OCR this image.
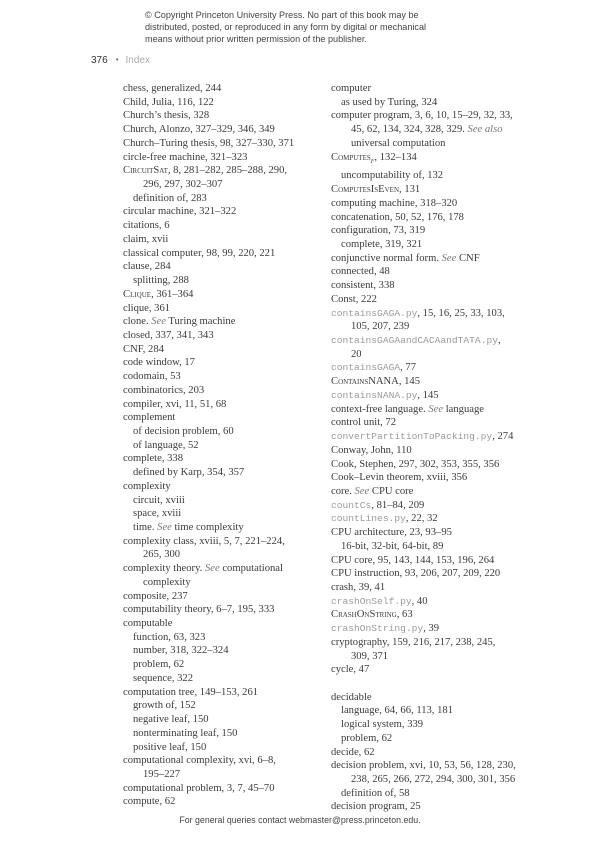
© Copyright Princeton University Press. No part of this book may be
distributed, posted, or reproduced in any form by digital or mechanical
means without prior written permission of the publisher.
376 • Index
chess, generalized, 244
Child, Julia, 116, 122
Church’s thesis, 328
Church, Alonzo, 327–329, 346, 349
Church–Turing thesis, 98, 327–330, 371
circle-free machine, 321–323
CircuitSat, 8, 281–282, 285–288, 290,
296, 297, 302–307
definition of, 283
circular machine, 321–322
citations, 6
claim, xvii
classical computer, 98, 99, 220, 221
clause, 284
splitting, 288
Clique, 361–364
clique, 361
clone. See Turing machine
closed, 337, 341, 343
CNF, 284
code window, 17
codomain, 53
combinatorics, 203
compiler, xvi, 11, 51, 68
complement
of decision problem, 60
of language, 52
complete, 338
defined by Karp, 354, 357
complexity
circuit, xviii
space, xviii
time. See time complexity
complexity class, xviii, 5, 7, 221–224,
265, 300
complexity theory. See computational
complexity
composite, 237
computability theory, 6–7, 195, 333
computable
function, 63, 323
number, 318, 322–324
problem, 62
sequence, 322
computation tree, 149–153, 261
growth of, 152
negative leaf, 150
nonterminating leaf, 150
positive leaf, 150
computational complexity, xvi, 6–8,
195–227
computational problem, 3, 7, 45–70
compute, 62
computer
as used by Turing, 324
computer program, 3, 6, 10, 15–29, 32, 33,
45, 62, 134, 324, 328, 329. See also
universal computation
Computes$_F$, 132–134
uncomputability of, 132
ComputesIsEven, 131
computing machine, 318–320
concatenation, 50, 52, 176, 178
configuration, 73, 319
complete, 319, 321
conjunctive normal form. See CNF
connected, 48
consistent, 338
Const, 222
containsGAGA.py, 15, 16, 25, 33, 103,
105, 207, 239
containsGAGAandCACAandTATA.py,
20
containsGAGA, 77
ContainsNANA, 145
containsNANA.py, 145
context-free language. See language
control unit, 72
convertPartitionToPacking.py, 274
Conway, John, 110
Cook, Stephen, 297, 302, 353, 355, 356
Cook–Levin theorem, xviii, 356
core. See CPU core
countCs, 81–84, 209
countLines.py, 22, 32
CPU architecture, 23, 93–95
16-bit, 32-bit, 64-bit, 89
CPU core, 95, 143, 144, 153, 196, 264
CPU instruction, 93, 206, 207, 209, 220
crash, 39, 41
crashOnSelf.py, 40
CrashOnString, 63
crashOnString.py, 39
cryptography, 159, 216, 217, 238, 245,
309, 371
cycle, 47
decidable
language, 64, 66, 113, 181
logical system, 339
problem, 62
decide, 62
decision problem, xvi, 10, 53, 56, 128, 230,
238, 265, 266, 272, 294, 300, 301, 356
definition of, 58
decision program, 25
For general queries contact webmaster@press.princeton.edu.
